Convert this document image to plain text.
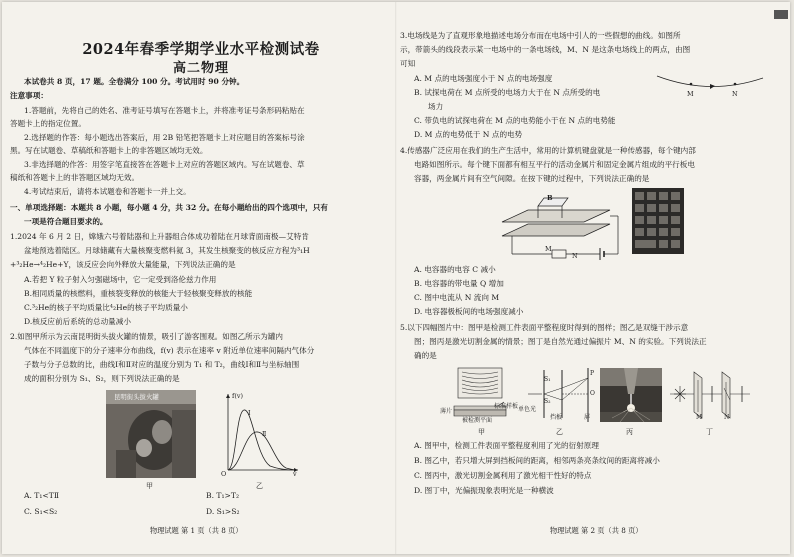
2024年春季学期学业水平检测试卷
高二物理
本试卷共 8 页，17 题。全卷满分 100 分。考试用时 90 分钟。
注意事项：
1.答题前，先将自己的姓名、准考证号填写在答题卡上，并将准考证号条形码粘贴在
答题卡上的指定位置。
2.选择题的作答：每小题选出答案后，用 2B 铅笔把答题卡上对应题目的答案标号涂
黑。写在试题卷、草稿纸和答题卡上的非答题区域均无效。
3.非选择题的作答：用签字笔直接答在答题卡上对应的答题区域内。写在试题卷、草
稿纸和答题卡上的非答题区域均无效。
4.考试结束后，请将本试题卷和答题卡一并上交。
一、单项选择题：本题共 8 小题，每小题 4 分，共 32 分。在每小题给出的四个选项中，只有
一项是符合题目要求的。
1.2024 年 6 月 2 日，嫦娥六号着陆器和上升器组合体成功着陆在月球背面南极—艾特肯
盆地预选着陆区。月球储藏有大量核聚变燃料氦 3，其发生核聚变的核反应方程为³₁H
+³₂He→⁴₂He+Y，该反应会向外释放大量能量，下列说法正确的是
A.若把 Y 粒子射入匀强磁场中，它一定受到洛伦兹力作用
B.相同质量的核燃料，重核裂变释放的核能大于轻核聚变释放的核能
C.³₂He的核子平均质量比⁴₂He的核子平均质量小
D.核反应前后系统的总动量减小
2.如图甲所示为云南昆明街头拔火罐的情景，吸引了游客围观。如图乙所示为罐内
气体在不同温度下的分子速率分布曲线，f(v) 表示在速率 v 附近单位速率间隔内气体分
子数与分子总数的比，曲线Ⅰ和Ⅱ对应的温度分别为 T₁ 和 T₂，曲线Ⅰ和Ⅱ与坐标轴围
成的面积分别为 S₁、S₂，则下列说法正确的是
昆明街头拔火罐
甲
f(v)
v
O
Ⅰ
Ⅱ
乙
A. T₁<TⅡ	B. T₁>T₂
C. S₁<S₂	D. S₁>S₂
物理试题 第 1 页（共 8 页）
3.电场线是为了直观形象地描述电场分布而在电场中引人的一些假想的曲线。如图所
示，带箭头的线段表示某一电场中的一条电场线，M、N 是这条电场线上的两点，由图
可知
A. M 点的电场强度小于 N 点的电场强度
B. 试探电荷在 M 点所受的电场力大于在 N 点所受的电
场力
C. 带负电的试探电荷在 M 点的电势能小于在 N 点的电势能
D. M 点的电势低于 N 点的电势
M	N
4.传感器广泛应用在我们的生产生活中，常用的计算机键盘就是一种传感器，每个键内部
电路如图所示。每个键下面都有相互平行的活动金属片和固定金属片组成的平行板电
容器，两金属片间有空气间隙。在按下键的过程中，下列说法正确的是
B
M
N
A. 电容器的电容 C 减小
B. 电容器的带电量 Q 增加
C. 图中电流从 N 流向 M
D. 电容器极板间的电场强度减小
5.以下四幅图片中：图甲是检测工件表面平整程度时得到的图样；图乙是双缝干涉示意
图；图丙是激光切割金属的情景；图丁是自然光通过偏振片 M、N 的实验。下列说法正
确的是
薄片
被检测平面
标准样板
甲
S₁
S₂
P
O
单色光
挡板	屏
乙	丙
M	N
丁
A. 图甲中，检测工件表面平整程度利用了光的衍射原理
B. 图乙中，若只增大屏到挡板间的距离，相邻两条亮条纹间的距离将减小
C. 图丙中，激光切割金属利用了激光相干性好的特点
D. 图丁中，光偏振现象表明光是一种横波
物理试题 第 2 页（共 8 页）
